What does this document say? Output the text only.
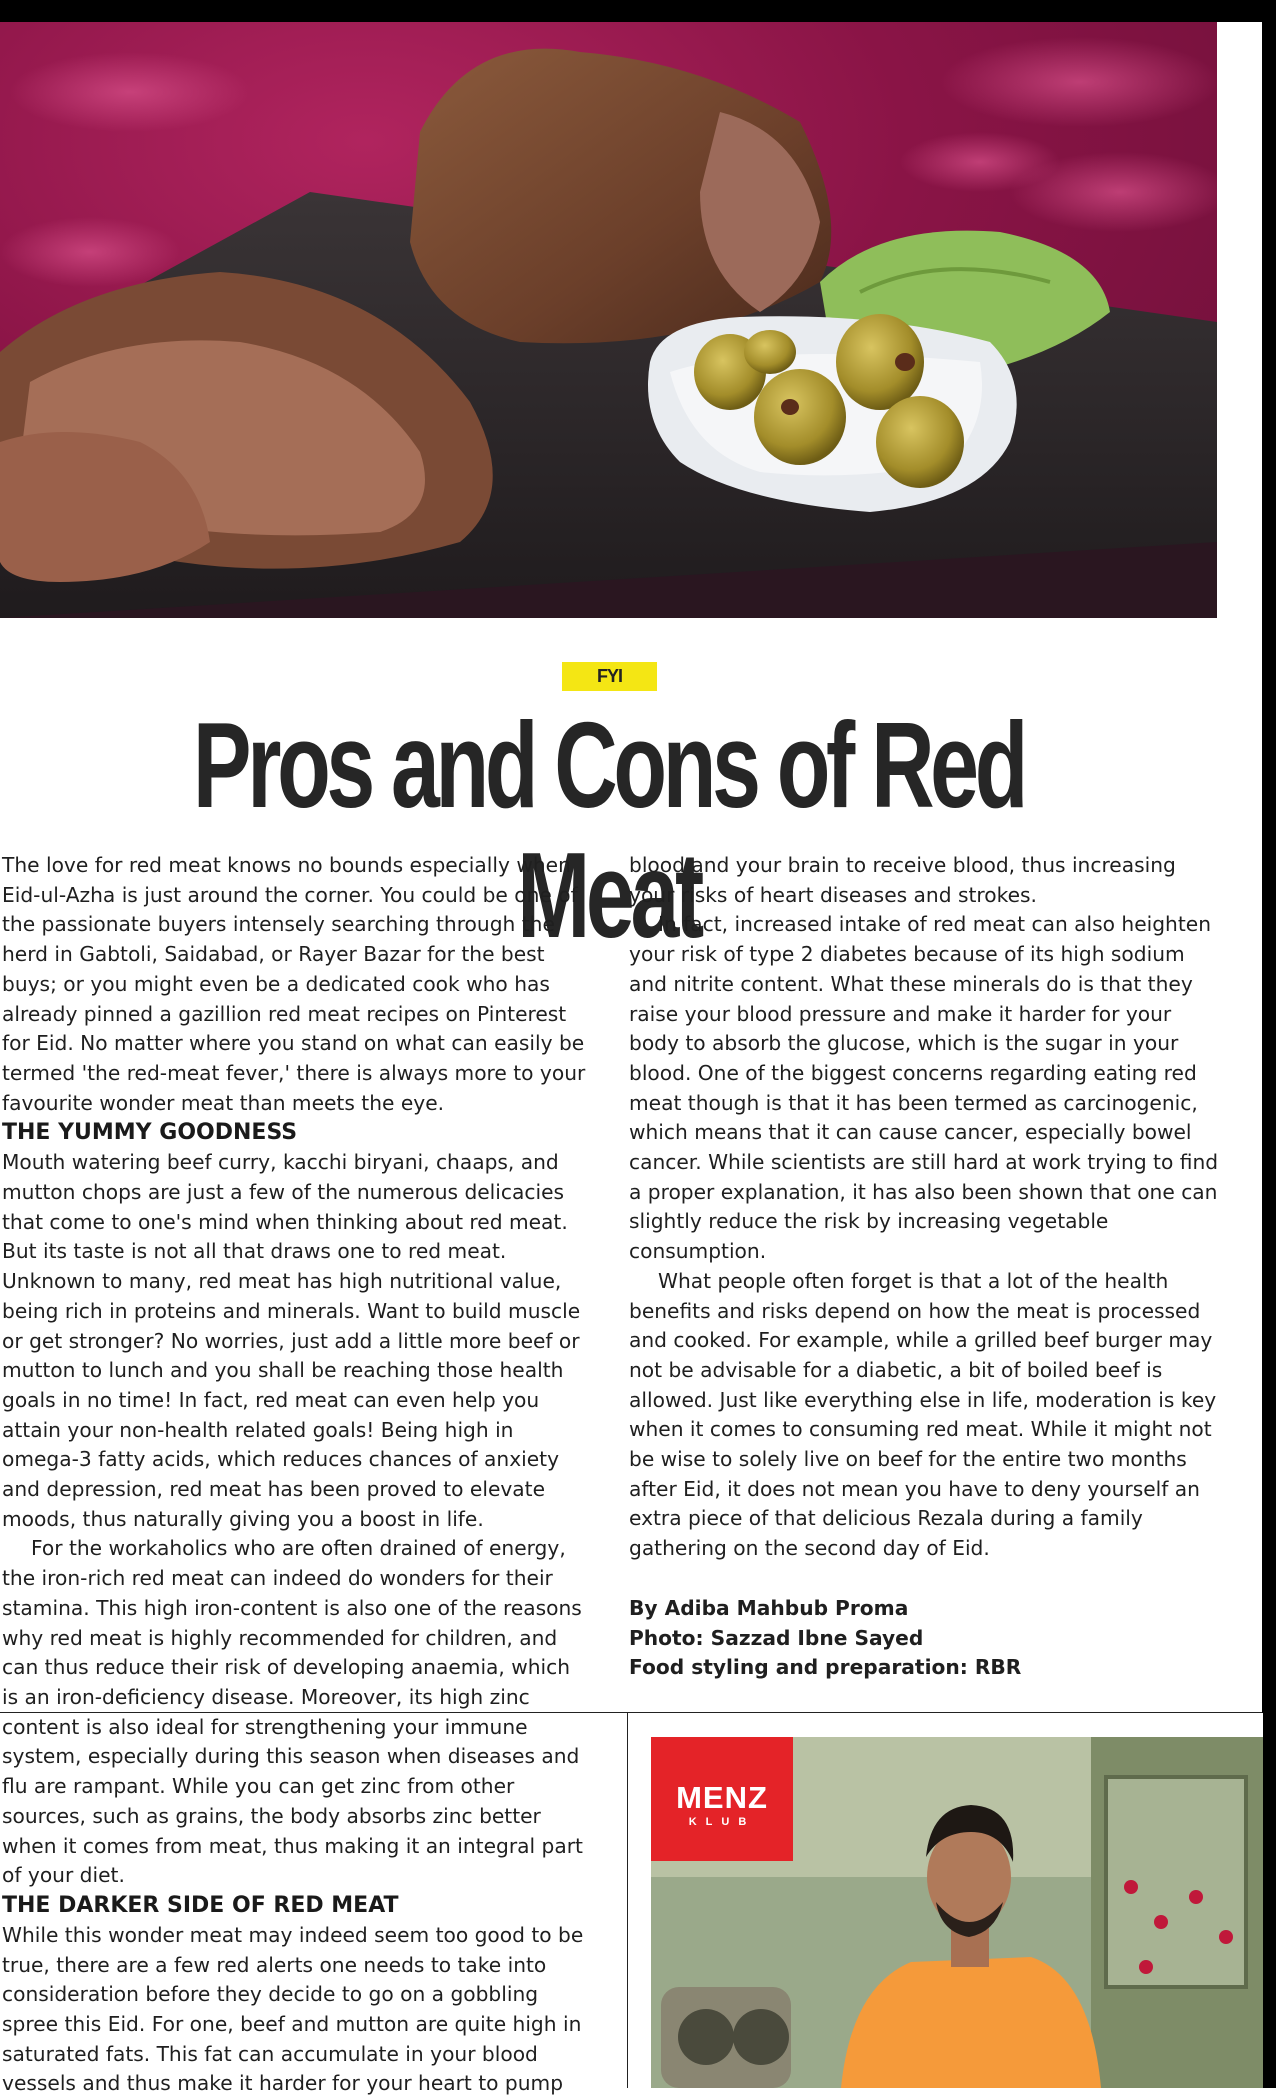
FYI
Pros and Cons of Red Meat

The love for red meat knows no bounds especially when Eid-ul-Azha is just around the corner. You could be one of the passionate buyers intensely searching through the herd in Gabtoli, Saidabad, or Rayer Bazar for the best buys; or you might even be a dedicated cook who has already pinned a gazillion red meat recipes on Pinterest for Eid. No matter where you stand on what can easily be termed 'the red-meat fever,' there is always more to your favourite wonder meat than meets the eye.

THE YUMMY GOODNESS

Mouth watering beef curry, kacchi biryani, chaaps, and mutton chops are just a few of the numerous delicacies that come to one's mind when thinking about red meat. But its taste is not all that draws one to red meat. Unknown to many, red meat has high nutritional value, being rich in proteins and minerals. Want to build muscle or get stronger? No worries, just add a little more beef or mutton to lunch and you shall be reaching those health goals in no time! In fact, red meat can even help you attain your non-health related goals! Being high in omega-3 fatty acids, which reduces chances of anxiety and depression, red meat has been proved to elevate moods, thus naturally giving you a boost in life.

For the workaholics who are often drained of energy, the iron-rich red meat can indeed do wonders for their stamina. This high iron-content is also one of the reasons why red meat is highly recommended for children, and can thus reduce their risk of developing anaemia, which is an iron-deficiency disease. Moreover, its high zinc content is also ideal for strengthening your immune system, especially during this season when diseases and flu are rampant. While you can get zinc from other sources, such as grains, the body absorbs zinc better when it comes from meat, thus making it an integral part of your diet.

THE DARKER SIDE OF RED MEAT

While this wonder meat may indeed seem too good to be true, there are a few red alerts one needs to take into consideration before they decide to go on a gobbling spree this Eid. For one, beef and mutton are quite high in saturated fats. This fat can accumulate in your blood vessels and thus make it harder for your heart to pump

blood and your brain to receive blood, thus increasing your risks of heart diseases and strokes.

In fact, increased intake of red meat can also heighten your risk of type 2 diabetes because of its high sodium and nitrite content. What these minerals do is that they raise your blood pressure and make it harder for your body to absorb the glucose, which is the sugar in your blood. One of the biggest concerns regarding eating red meat though is that it has been termed as carcinogenic, which means that it can cause cancer, especially bowel cancer. While scientists are still hard at work trying to find a proper explanation, it has also been shown that one can slightly reduce the risk by increasing vegetable consumption.

What people often forget is that a lot of the health benefits and risks depend on how the meat is processed and cooked. For example, while a grilled beef burger may not be advisable for a diabetic, a bit of boiled beef is allowed. Just like everything else in life, moderation is key when it comes to consuming red meat. While it might not be wise to solely live on beef for the entire two months after Eid, it does not mean you have to deny yourself an extra piece of that delicious Rezala during a family gathering on the second day of Eid.

By Adiba Mahbub Proma
Photo: Sazzad Ibne Sayed
Food styling and preparation: RBR
MENZ
KLUB
